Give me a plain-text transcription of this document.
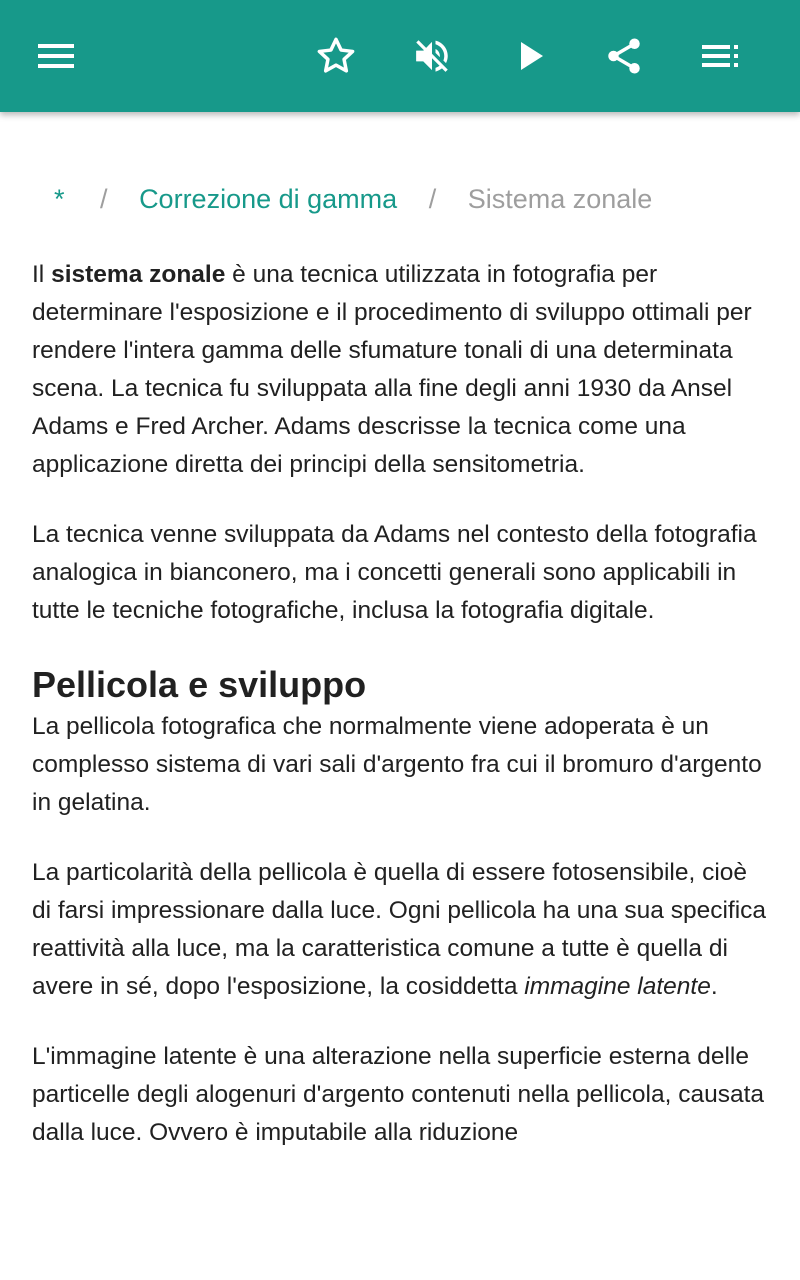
* / Correzione di gamma / Sistema zonale

Il sistema zonale è una tecnica utilizzata in fotografia per determinare l'esposizione e il procedimento di sviluppo ottimali per rendere l'intera gamma delle sfumature tonali di una determinata scena. La tecnica fu sviluppata alla fine degli anni 1930 da Ansel Adams e Fred Archer. Adams descrisse la tecnica come una applicazione diretta dei principi della sensitometria.

La tecnica venne sviluppata da Adams nel contesto della fotografia analogica in bianconero, ma i concetti generali sono applicabili in tutte le tecniche fotografiche, inclusa la fotografia digitale.

Pellicola e sviluppo

La pellicola fotografica che normalmente viene adoperata è un complesso sistema di vari sali d'argento fra cui il bromuro d'argento in gelatina.

La particolarità della pellicola è quella di essere fotosensibile, cioè di farsi impressionare dalla luce. Ogni pellicola ha una sua specifica reattività alla luce, ma la caratteristica comune a tutte è quella di avere in sé, dopo l'esposizione, la cosiddetta immagine latente.

L'immagine latente è una alterazione nella superficie esterna delle particelle degli alogenuri d'argento contenuti nella pellicola, causata dalla luce. Ovvero è imputabile alla riduzione
